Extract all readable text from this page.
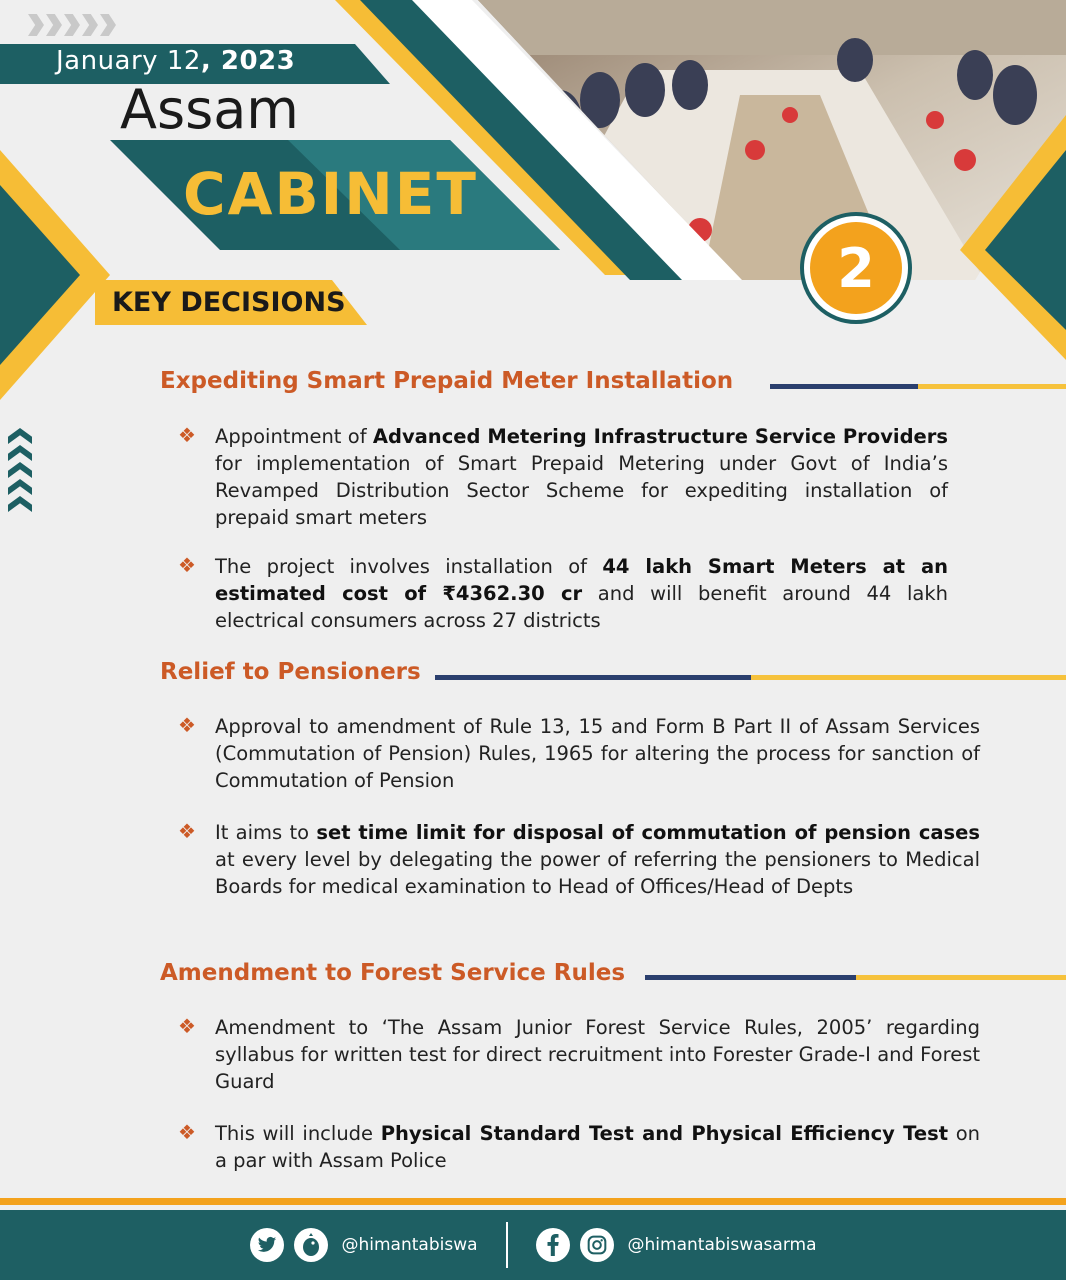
January 12, 2023
Assam
CABINET
2
KEY DECISIONS
Expediting Smart Prepaid Meter Installation
❖ Appointment of Advanced Metering Infrastructure Service Providers for implementation of Smart Prepaid Metering under Govt of India’s Revamped Distribution Sector Scheme for expediting installation of prepaid smart meters
❖ The project involves installation of 44 lakh Smart Meters at an estimated cost of ₹4362.30 cr and will benefit around 44 lakh electrical consumers across 27 districts
Relief to Pensioners
❖ Approval to amendment of Rule 13, 15 and Form B Part II of Assam Services (Commutation of Pension) Rules, 1965 for altering the process for sanction of Commutation of Pension
❖ It aims to set time limit for disposal of commutation of pension cases at every level by delegating the power of referring the pensioners to Medical Boards for medical examination to Head of Offices/Head of Depts
Amendment to Forest Service Rules
❖ Amendment to ‘The Assam Junior Forest Service Rules, 2005’ regarding syllabus for written test for direct recruitment into Forester Grade-I and Forest Guard
❖ This will include Physical Standard Test and Physical Efficiency Test on a par with Assam Police
@himantabiswa	@himantabiswasarma
